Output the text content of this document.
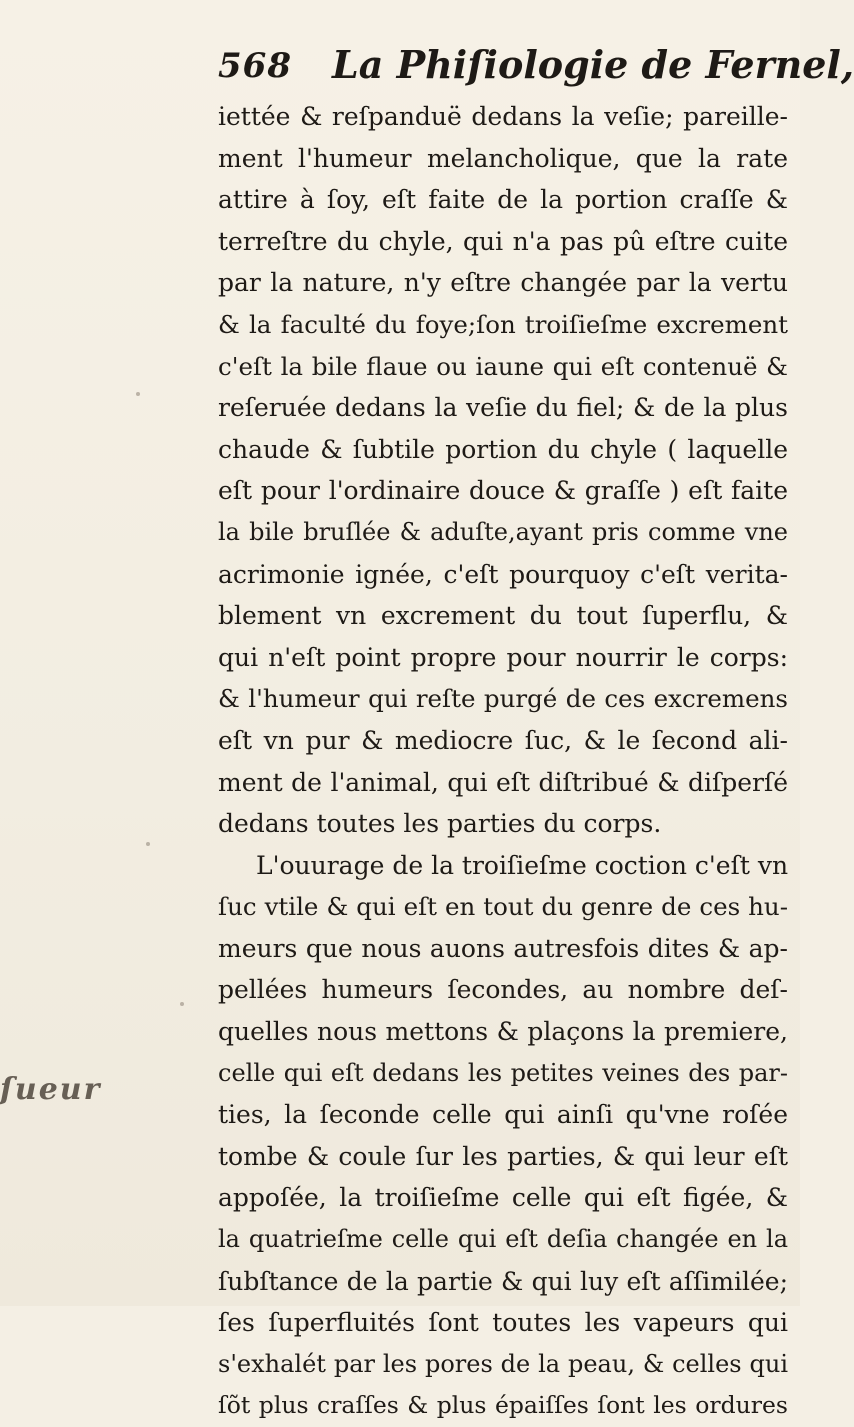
568 La Phiſiologie de Fernel,
ſueur
iettée & reſpanduë dedans la veſie; pareille-
ment l'humeur melancholique, que la rate
attire à ſoy, eſt faite de la portion craſſe &
terreſtre du chyle, qui n'a pas pû eſtre cuite
par la nature, n'y eſtre changée par la vertu
& la faculté du foye;ſon troiſieſme excrement
c'eſt la bile flaue ou iaune qui eſt contenuë &
reſeruée dedans la veſie du fiel; & de la plus
chaude & ſubtile portion du chyle ( laquelle
eſt pour l'ordinaire douce & graſſe ) eſt faite
la bile bruſlée & aduſte,ayant pris comme vne
acrimonie ignée, c'eſt pourquoy c'eſt verita-
blement vn excrement du tout ſuperflu, &
qui n'eſt point propre pour nourrir le corps:
& l'humeur qui reſte purgé de ces excremens
eſt vn pur & mediocre ſuc, & le ſecond ali-
ment de l'animal, qui eſt diſtribué & diſperſé
dedans toutes les parties du corps.
L'ouurage de la troiſieſme coction c'eſt vn
ſuc vtile & qui eſt en tout du genre de ces hu-
meurs que nous auons autresfois dites & ap-
pellées humeurs ſecondes, au nombre deſ-
quelles nous mettons & plaçons la premiere,
celle qui eſt dedans les petites veines des par-
ties, la ſeconde celle qui ainſi qu'vne roſée
tombe & coule ſur les parties, & qui leur eſt
appoſée, la troiſieſme celle qui eſt figée, &
la quatrieſme celle qui eſt deſia changée en la
ſubſtance de la partie & qui luy eſt aſſimilée;
ſes ſuperfluités ſont toutes les vapeurs qui
s'exhalét par les pores de la peau, & celles qui
ſõt plus craſſes & plus épaiſſes ſont les ordures
